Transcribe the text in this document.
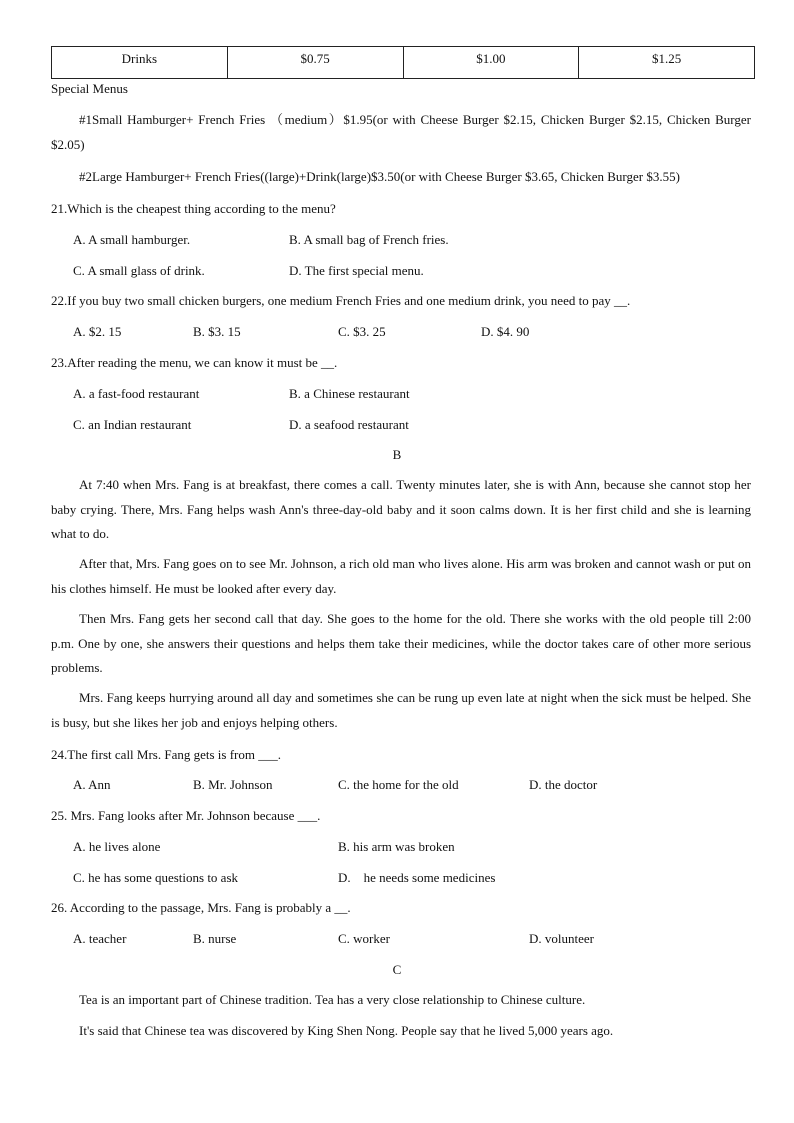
Drinks	$0.75	$1.00	$1.25
Special Menus
#1Small Hamburger+ French Fries （medium）$1.95(or with Cheese Burger $2.15, Chicken Burger $2.15, Chicken Burger $2.05)
#2Large Hamburger+ French Fries((large)+Drink(large)$3.50(or with Cheese Burger $3.65, Chicken Burger $3.55)
21.Which is the cheapest thing according to the menu?
A. A small hamburger.	B. A small bag of French fries.
C. A small glass of drink.	D. The first special menu.
22.If you buy two small chicken burgers, one medium French Fries and one medium drink, you need to pay __.
A. $2. 15	B. $3. 15	C. $3. 25	D. $4. 90
23.After reading the menu, we can know it must be __.
A. a fast-food restaurant	B. a Chinese restaurant
C. an Indian restaurant	D. a seafood restaurant
B
At 7:40 when Mrs. Fang is at breakfast, there comes a call. Twenty minutes later, she is with Ann, because she cannot stop her baby crying. There, Mrs. Fang helps wash Ann's three-day-old baby and it soon calms down. It is her first child and she is learning what to do.
After that, Mrs. Fang goes on to see Mr. Johnson, a rich old man who lives alone. His arm was broken and cannot wash or put on his clothes himself. He must be looked after every day.
Then Mrs. Fang gets her second call that day. She goes to the home for the old. There she works with the old people till 2:00 p.m. One by one, she answers their questions and helps them take their medicines, while the doctor takes care of other more serious problems.
Mrs. Fang keeps hurrying around all day and sometimes she can be rung up even late at night when the sick must be helped. She is busy, but she likes her job and enjoys helping others.
24.The first call Mrs. Fang gets is from ___.
A. Ann	B. Mr. Johnson	C. the home for the old	D. the doctor
25. Mrs. Fang looks after Mr. Johnson because ___.
A. he lives alone	B. his arm was broken
C. he has some questions to ask	D.    he needs some medicines
26. According to the passage, Mrs. Fang is probably a __.
A. teacher	B. nurse	C. worker	D. volunteer
C
Tea is an important part of Chinese tradition. Tea has a very close relationship to Chinese culture.
It's said that Chinese tea was discovered by King Shen Nong. People say that he lived 5,000 years ago.
